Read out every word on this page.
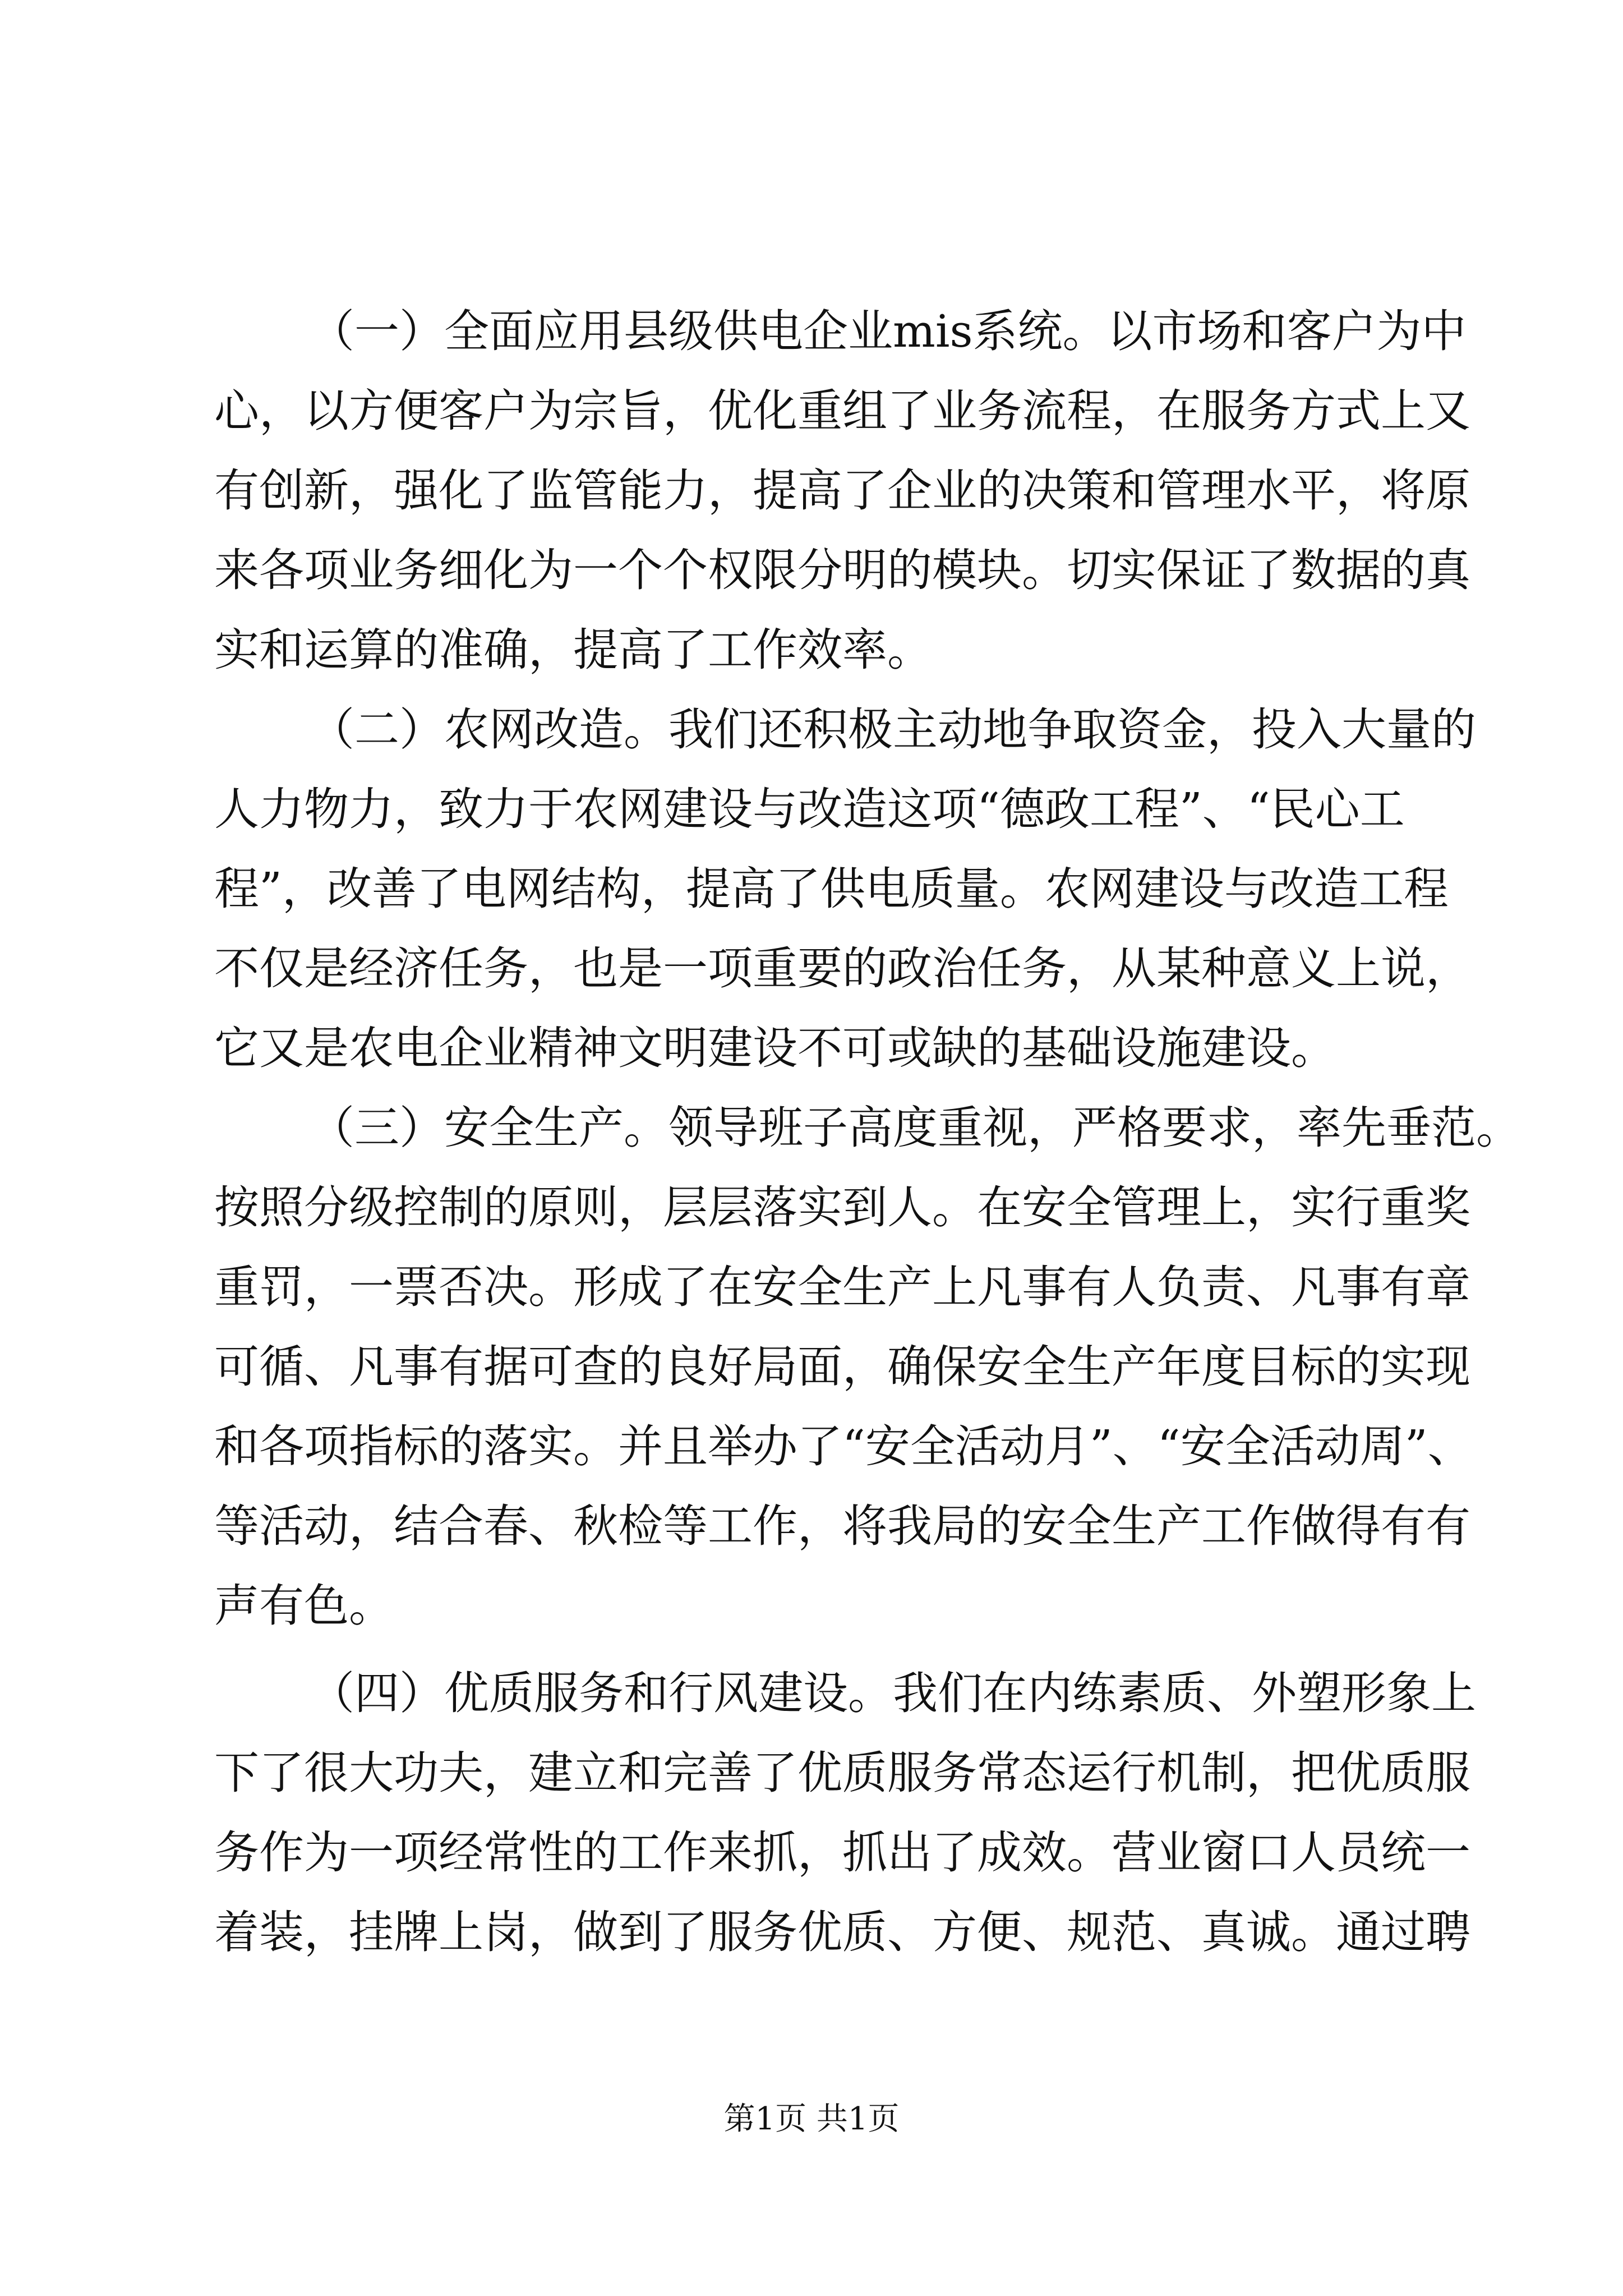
（一）全面应用县级供电企业mis系统。以市场和客户为中
心，以方便客户为宗旨，优化重组了业务流程，在服务方式上又
有创新，强化了监管能力，提高了企业的决策和管理水平，将原
来各项业务细化为一个个权限分明的模块。切实保证了数据的真
实和运算的准确，提高了工作效率。
（二）农网改造。我们还积极主动地争取资金，投入大量的
人力物力，致力于农网建设与改造这项“德政工程”、“民心工
程”，改善了电网结构，提高了供电质量。农网建设与改造工程
不仅是经济任务，也是一项重要的政治任务，从某种意义上说，
它又是农电企业精神文明建设不可或缺的基础设施建设。
（三）安全生产。领导班子高度重视，严格要求，率先垂范。
按照分级控制的原则，层层落实到人。在安全管理上，实行重奖
重罚，一票否决。形成了在安全生产上凡事有人负责、凡事有章
可循、凡事有据可查的良好局面，确保安全生产年度目标的实现
和各项指标的落实。并且举办了“安全活动月”、“安全活动周”、
等活动，结合春、秋检等工作，将我局的安全生产工作做得有有
声有色。
（四）优质服务和行风建设。我们在内练素质、外塑形象上
下了很大功夫，建立和完善了优质服务常态运行机制，把优质服
务作为一项经常性的工作来抓，抓出了成效。营业窗口人员统一
着装，挂牌上岗，做到了服务优质、方便、规范、真诚。通过聘
第1页 共1页
